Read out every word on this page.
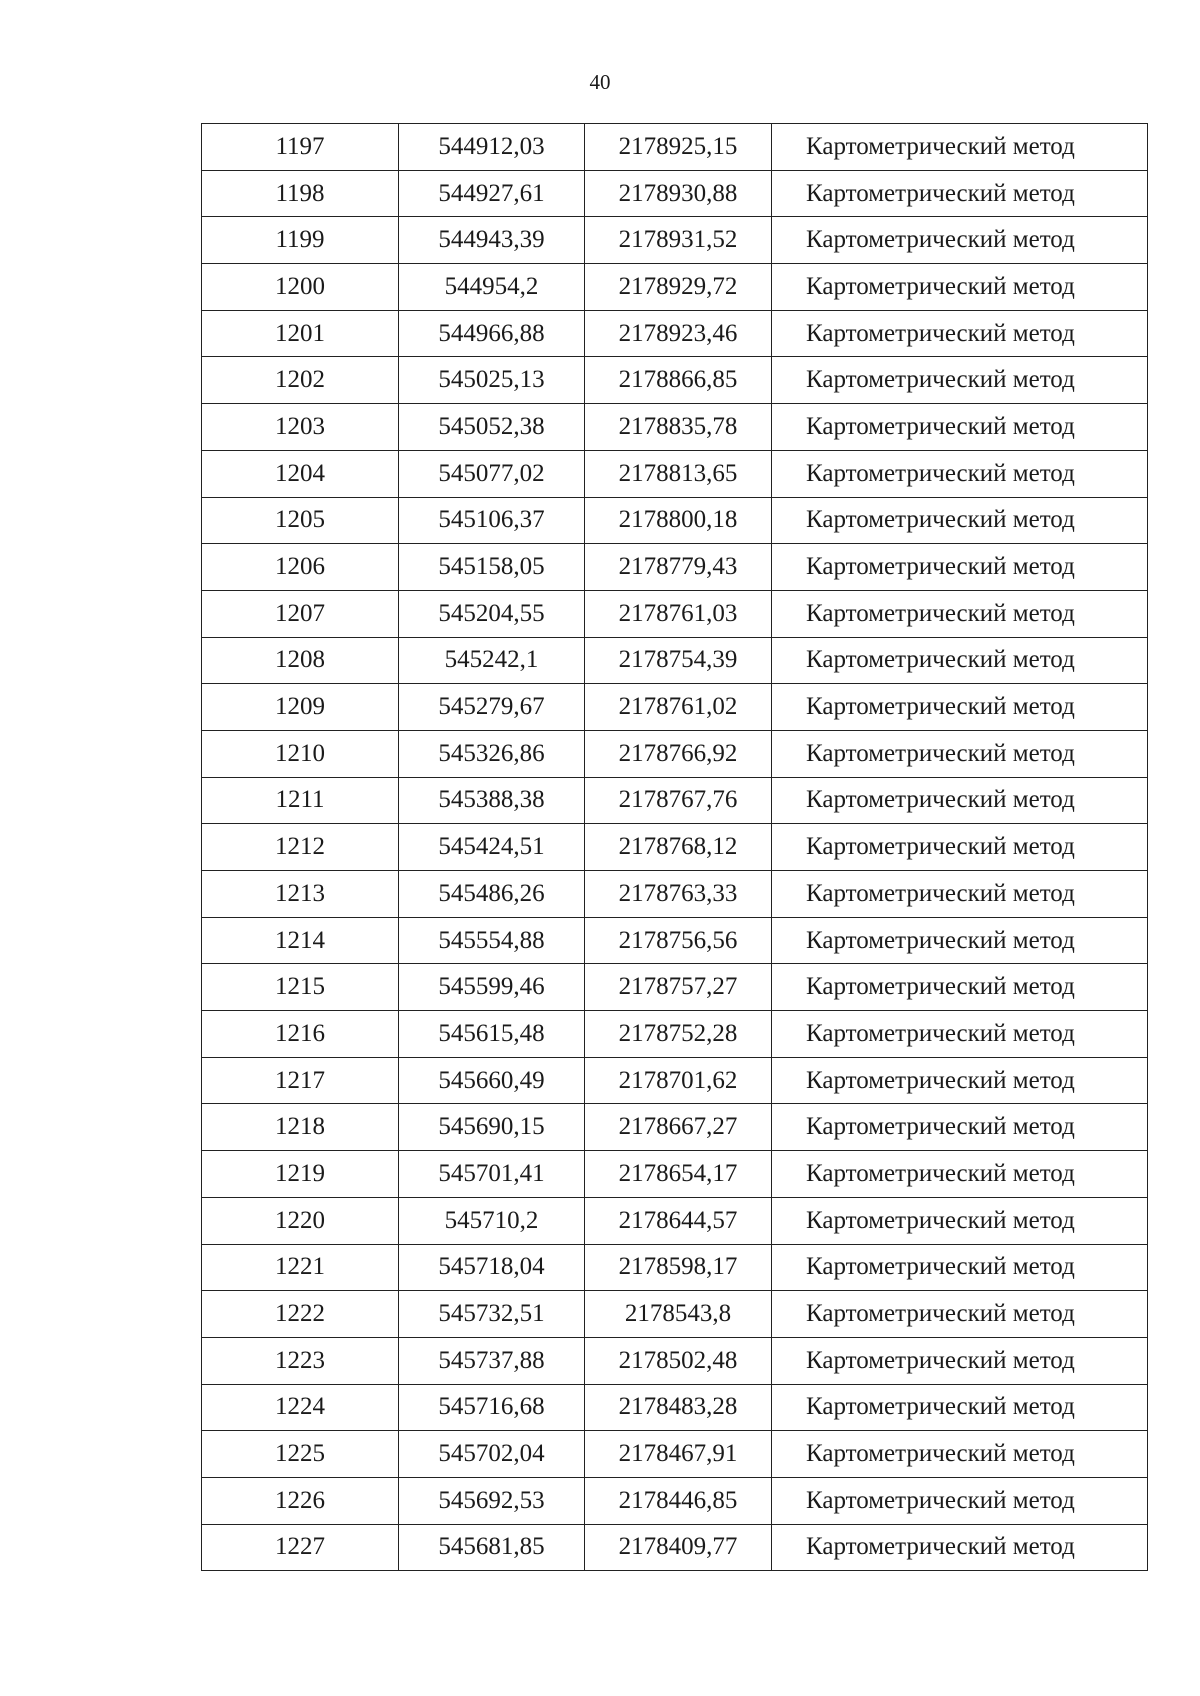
40
1197	544912,03	2178925,15	Картометрический метод
1198	544927,61	2178930,88	Картометрический метод
1199	544943,39	2178931,52	Картометрический метод
1200	544954,2	2178929,72	Картометрический метод
1201	544966,88	2178923,46	Картометрический метод
1202	545025,13	2178866,85	Картометрический метод
1203	545052,38	2178835,78	Картометрический метод
1204	545077,02	2178813,65	Картометрический метод
1205	545106,37	2178800,18	Картометрический метод
1206	545158,05	2178779,43	Картометрический метод
1207	545204,55	2178761,03	Картометрический метод
1208	545242,1	2178754,39	Картометрический метод
1209	545279,67	2178761,02	Картометрический метод
1210	545326,86	2178766,92	Картометрический метод
1211	545388,38	2178767,76	Картометрический метод
1212	545424,51	2178768,12	Картометрический метод
1213	545486,26	2178763,33	Картометрический метод
1214	545554,88	2178756,56	Картометрический метод
1215	545599,46	2178757,27	Картометрический метод
1216	545615,48	2178752,28	Картометрический метод
1217	545660,49	2178701,62	Картометрический метод
1218	545690,15	2178667,27	Картометрический метод
1219	545701,41	2178654,17	Картометрический метод
1220	545710,2	2178644,57	Картометрический метод
1221	545718,04	2178598,17	Картометрический метод
1222	545732,51	2178543,8	Картометрический метод
1223	545737,88	2178502,48	Картометрический метод
1224	545716,68	2178483,28	Картометрический метод
1225	545702,04	2178467,91	Картометрический метод
1226	545692,53	2178446,85	Картометрический метод
1227	545681,85	2178409,77	Картометрический метод
